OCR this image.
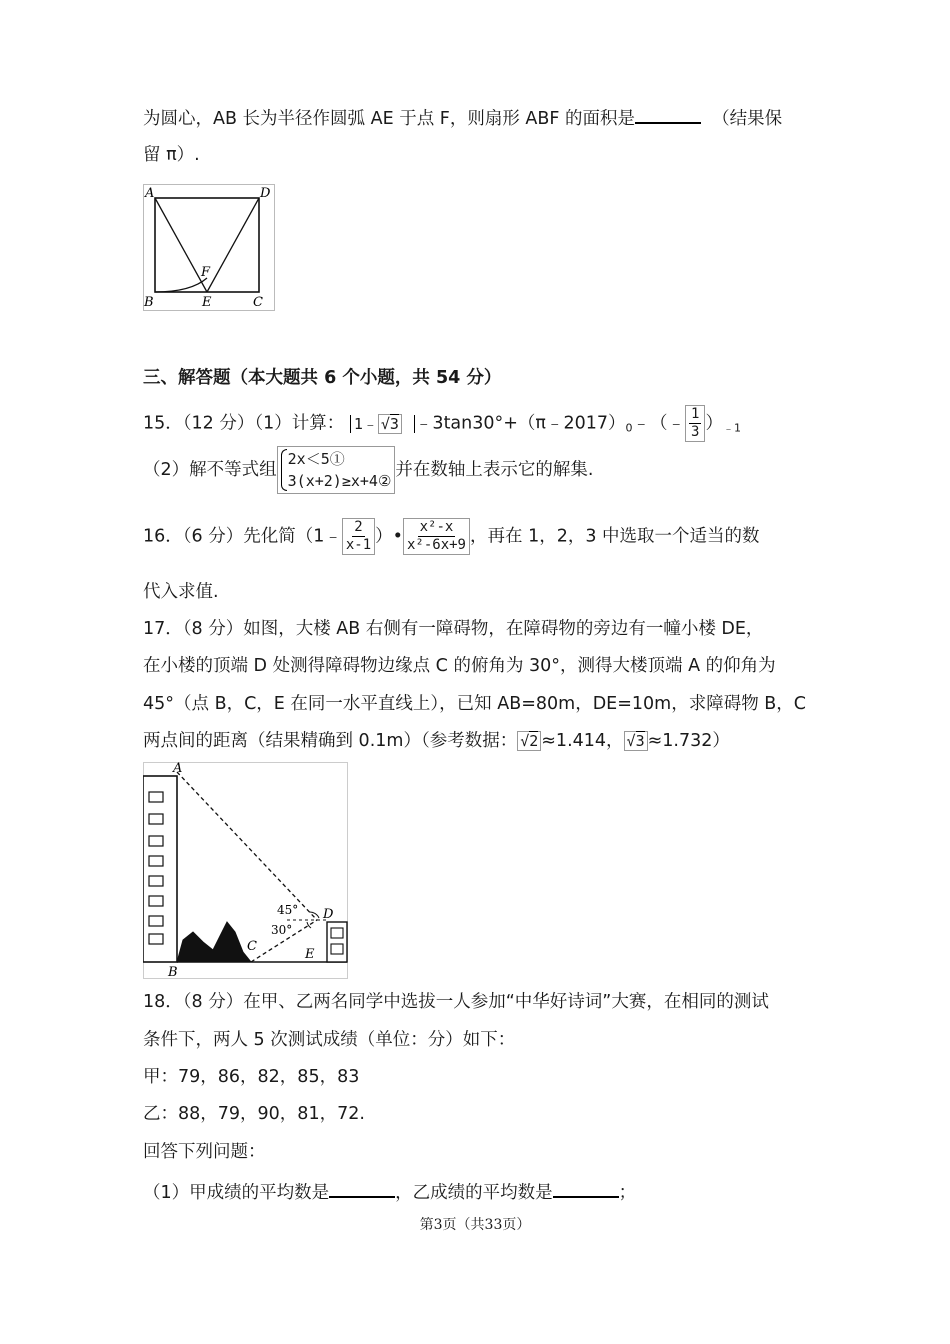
为圆心，AB 长为半径作圆弧 AE 于点 F，则扇形 ABF 的面积是	（结果保
留 π）.
A	D
F
B	E	C
三、解答题（本大题共 6 个小题，共 54 分）
15．（12 分）（1）计算： 1﹣ √3 $﹣3\tan 30^\circ+(\pi﹣2017)_0﹣(﹣ \frac{1}{3} )_{﹣1}$
（2）解不等式组2x＜5①
3(x+2)≥x+4②并在数轴上表示它的解集.
16．（6 分）先化简（1﹣ $\frac{2}{x-1}$ ）• $\frac{\text{x²-x}}{\text{x²-6x+9}}$ ，再在 1，2，3 中选取一个适当的数
代入求值.
17．（8 分）如图，大楼 AB 右侧有一障碍物，在障碍物的旁边有一幢小楼 DE，
在小楼的顶端 D 处测得障碍物边缘点 C 的俯角为 30°，测得大楼顶端 A 的仰角为
45°（点 B，C，E 在同一水平直线上），已知 AB=80m，DE=10m，求障碍物 B，C
两点间的距离（结果精确到 0.1m）（参考数据： √2 ≈1.414， √3 ≈1.732）
A
B
C
D
E
45°
30°
18．（8 分）在甲、乙两名同学中选拔一人参加“中华好诗词”大赛，在相同的测试
条件下，两人 5 次测试成绩（单位：分）如下：
甲：79，86，82，85，83
乙：88，79，90，81，72.
回答下列问题：
（1）甲成绩的平均数是	，乙成绩的平均数是	；
第3页（共33页）
